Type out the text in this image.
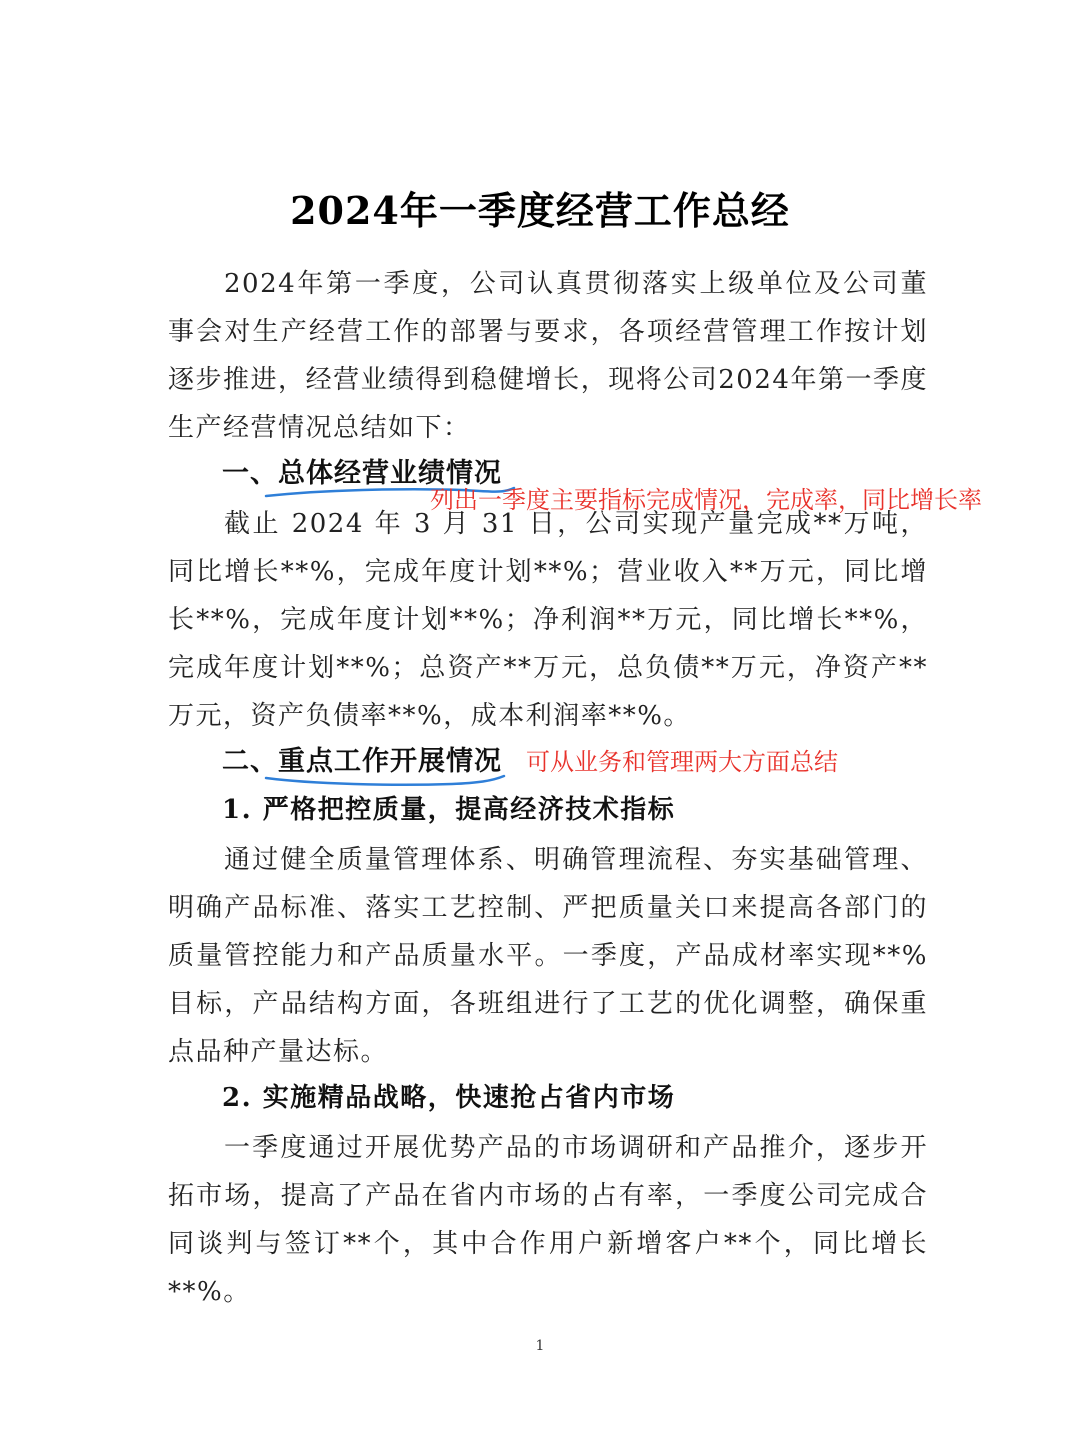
2024年一季度经营工作总经
2024年第一季度，公司认真贯彻落实上级单位及公司董事会对生产经营工作的部署与要求，各项经营管理工作按计划逐步推进，经营业绩得到稳健增长，现将公司2024年第一季度生产经营情况总结如下：
一、总体经营业绩情况
列出一季度主要指标完成情况，完成率，同比增长率
截止 2024 年 3 月 31 日，公司实现产量完成**万吨，同比增长**%，完成年度计划**%；营业收入**万元，同比增长**%，完成年度计划**%；净利润**万元，同比增长**%，完成年度计划**%；总资产**万元，总负债**万元，净资产**万元，资产负债率**%，成本利润率**%。
二、重点工作开展情况 可从业务和管理两大方面总结
1. 严格把控质量，提高经济技术指标
通过健全质量管理体系、明确管理流程、夯实基础管理、明确产品标准、落实工艺控制、严把质量关口来提高各部门的质量管控能力和产品质量水平。一季度，产品成材率实现**%目标，产品结构方面，各班组进行了工艺的优化调整，确保重点品种产量达标。
2. 实施精品战略，快速抢占省内市场
一季度通过开展优势产品的市场调研和产品推介，逐步开拓市场，提高了产品在省内市场的占有率，一季度公司完成合同谈判与签订**个，其中合作用户新增客户**个，同比增长**%。
1
